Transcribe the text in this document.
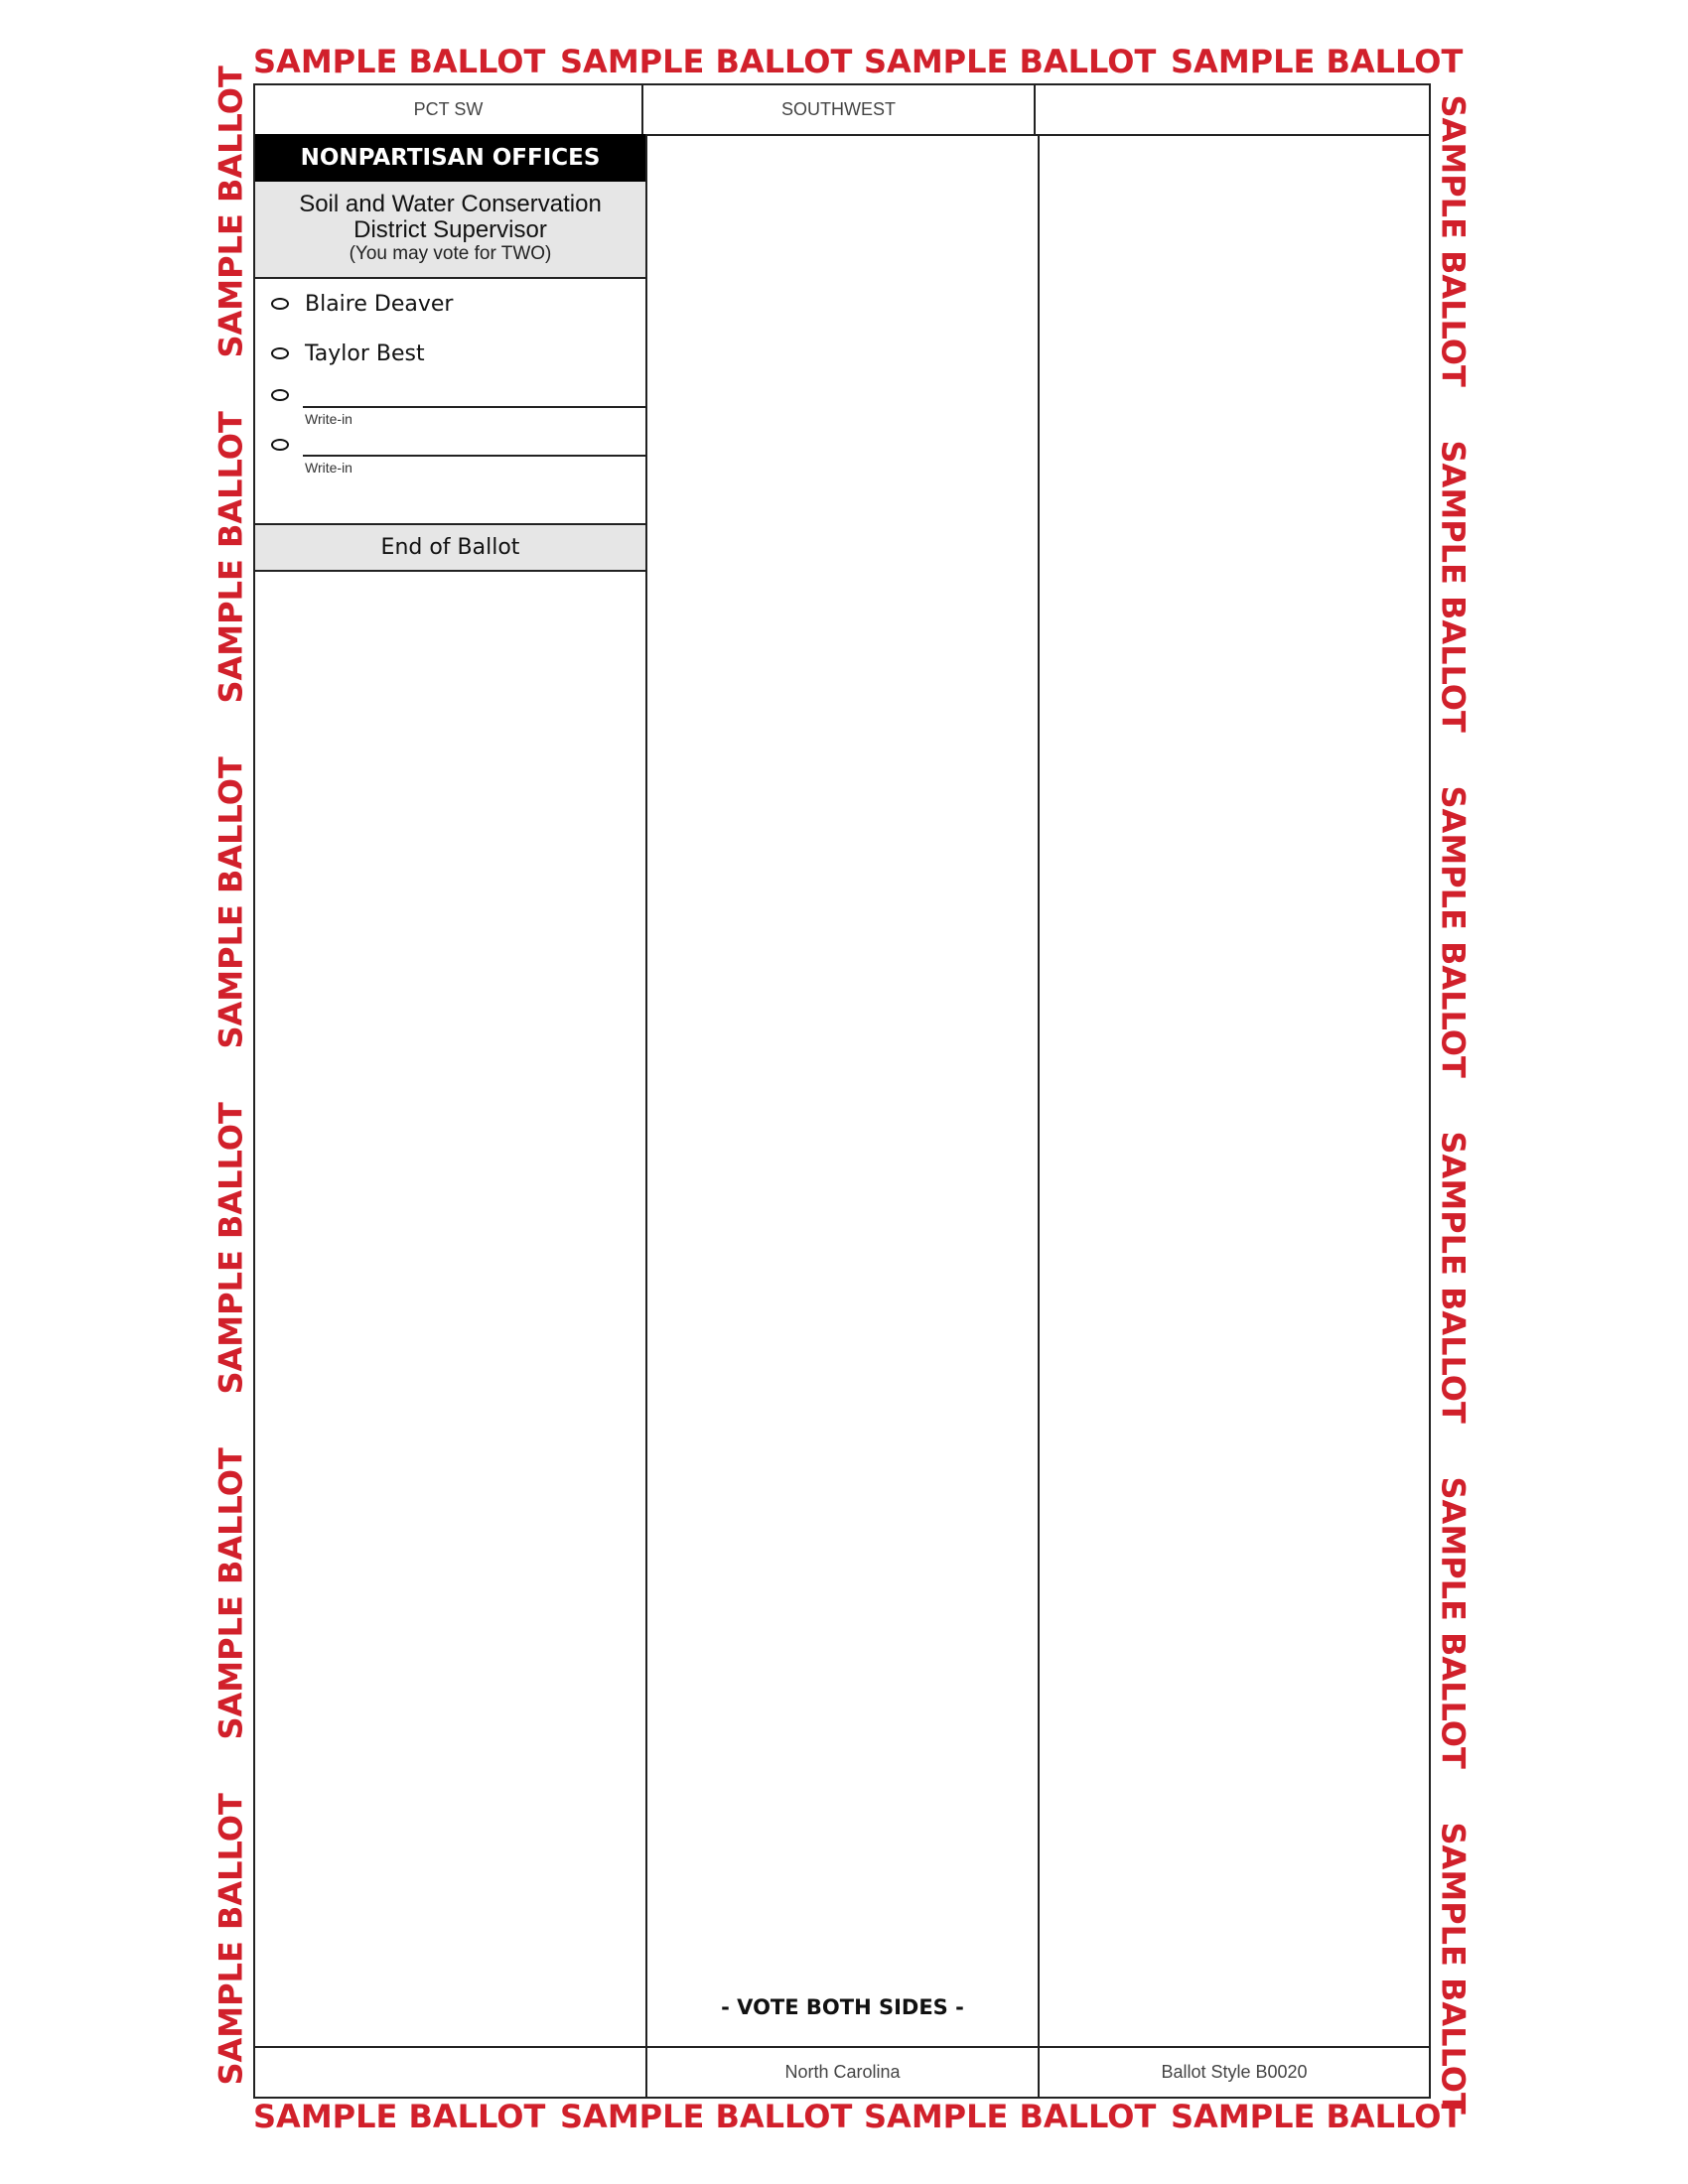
SAMPLE BALLOT SAMPLE BALLOT SAMPLE BALLOT SAMPLE BALLOT
SAMPLE BALLOT SAMPLE BALLOT SAMPLE BALLOT SAMPLE BALLOT
SAMPLE BALLOT
SAMPLE BALLOT
SAMPLE BALLOT
SAMPLE BALLOT
SAMPLE BALLOT
SAMPLE BALLOT
SAMPLE BALLOT
SAMPLE BALLOT
SAMPLE BALLOT
SAMPLE BALLOT
SAMPLE BALLOT
SAMPLE BALLOT
PCT SW	SOUTHWEST
NONPARTISAN OFFICES
Soil and Water Conservation
District Supervisor
(You may vote for TWO)
Blaire Deaver
Taylor Best
Write-in
Write-in
End of Ballot
- VOTE BOTH SIDES -
North Carolina	Ballot Style B0020
